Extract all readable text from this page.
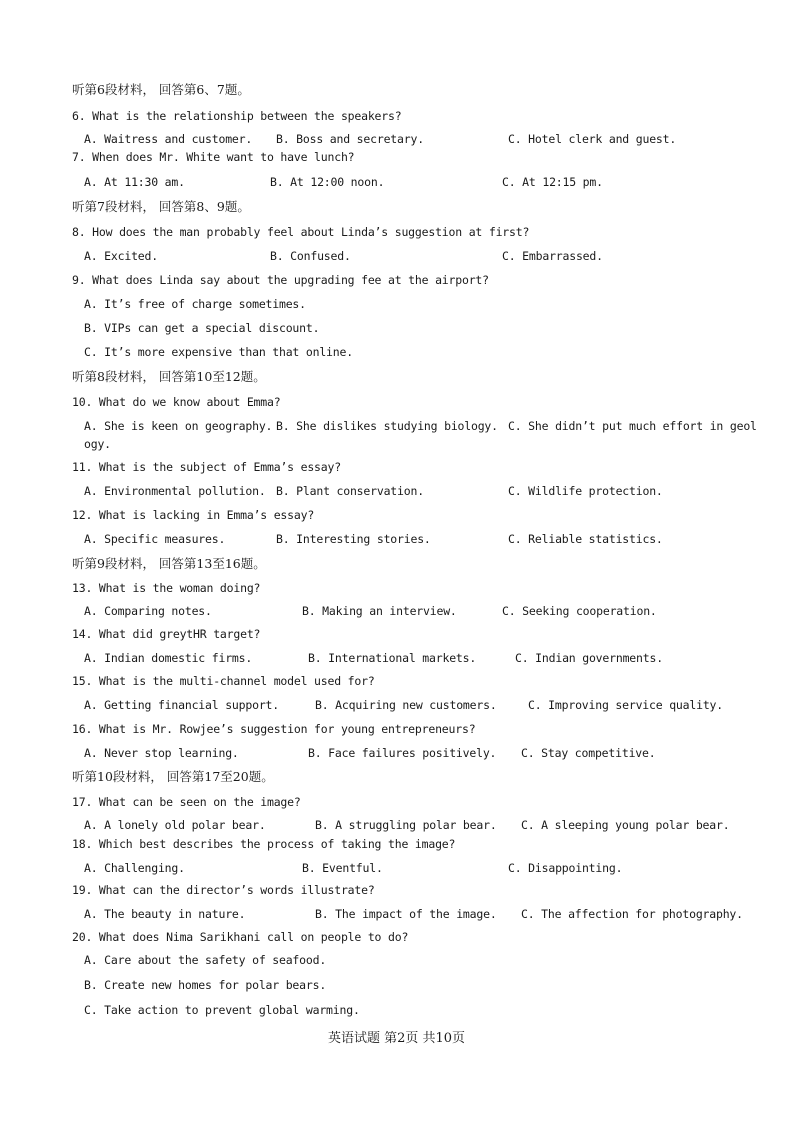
听第6段材料， 回答第6、7题。
6. What is the relationship between the speakers?
A. Waitress and customer. B. Boss and secretary.	C. Hotel clerk and guest.
7. When does Mr. White want to have lunch?
A. At 11:30 am.	B. At 12:00 noon.	C. At 12:15 pm.
听第7段材料， 回答第8、9题。
8. How does the man probably feel about Linda’s suggestion at first?
A. Excited.	B. Confused.	C. Embarrassed.
9. What does Linda say about the upgrading fee at the airport?
A. It’s free of charge sometimes.
B. VIPs can get a special discount.
C. It’s more expensive than that online.
听第8段材料， 回答第10至12题。
10. What do we know about Emma?
A. She is keen on geography. B. She dislikes studying biology. C. She didn’t put much effort in geol
ogy.
11. What is the subject of Emma’s essay?
A. Environmental pollution. B. Plant conservation.	C. Wildlife protection.
12. What is lacking in Emma’s essay?
A. Specific measures.	B. Interesting stories.	C. Reliable statistics.
听第9段材料， 回答第13至16题。
13. What is the woman doing?
A. Comparing notes.	B. Making an interview.	C. Seeking cooperation.
14. What did greytHR target?
A. Indian domestic firms.	B. International markets.	C. Indian governments.
15. What is the multi-channel model used for?
A. Getting financial support.	B. Acquiring new customers.	C. Improving service quality.
16. What is Mr. Rowjee’s suggestion for young entrepreneurs?
A. Never stop learning.	B. Face failures positively. C. Stay competitive.
听第10段材料， 回答第17至20题。
17. What can be seen on the image?
A. A lonely old polar bear.	B. A struggling polar bear. C. A sleeping young polar bear.
18. Which best describes the process of taking the image?
A. Challenging.	B. Eventful.	C. Disappointing.
19. What can the director’s words illustrate?
A. The beauty in nature.	B. The impact of the image. C. The affection for photography.
20. What does Nima Sarikhani call on people to do?
A. Care about the safety of seafood.
B. Create new homes for polar bears.
C. Take action to prevent global warming.
英语试题 第2页 共10页
